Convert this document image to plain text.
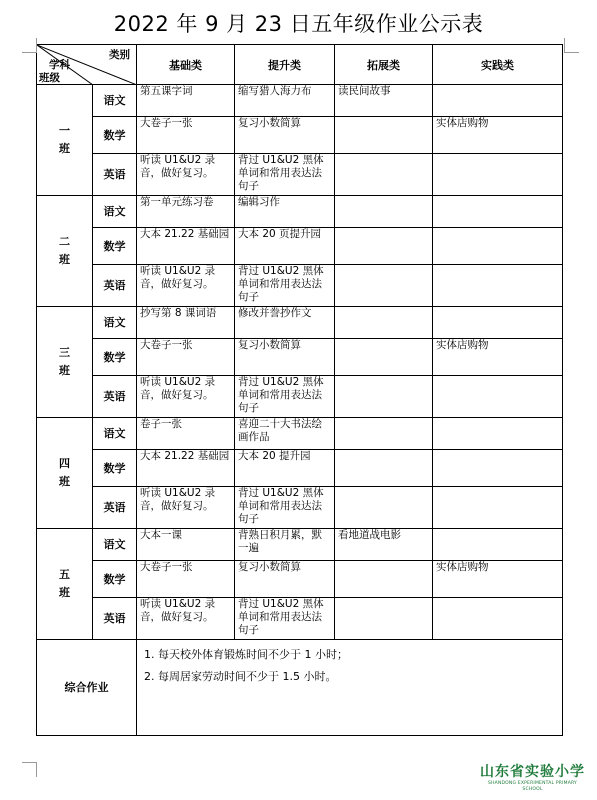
2022 年 9 月 23 日五年级作业公示表
类别
学科
班级		基础类	提升类	拓展类	实践类

一
班	语文	第五课字词	缩写猎人海力布	读民间故事	
	数学	大卷子一张	复习小数简算		实体店购物
	英语	听读 U1&U2 录音，做好复习。	背过 U1&U2 黑体单词和常用表达法句子		

二
班	语文	第一单元练习卷	编辑习作		
	数学	大本 21.22 基础园	大本 20 页提升园		
	英语	听读 U1&U2 录音，做好复习。	背过 U1&U2 黑体单词和常用表达法句子		

三
班	语文	抄写第 8 课词语	修改并誊抄作文		
	数学	大卷子一张	复习小数简算		实体店购物
	英语	听读 U1&U2 录音，做好复习。	背过 U1&U2 黑体单词和常用表达法句子		

四
班	语文	卷子一张	喜迎二十大书法绘画作品		
	数学	大本 21.22 基础园	大本 20 提升园		
	英语	听读 U1&U2 录音，做好复习。	背过 U1&U2 黑体单词和常用表达法句子		

五
班	语文	大本一课	背熟日积月累，默一遍	看地道战电影	
	数学	大卷子一张	复习小数简算		实体店购物
	英语	听读 U1&U2 录音，做好复习。	背过 U1&U2 黑体单词和常用表达法句子		
综合作业		1. 每天校外体育锻炼时间不少于 1 小时；

2. 每周居家劳动时间不少于 1.5 小时。			

山东省实验小学
SHANDONG EXPERIMENTAL PRIMARY SCHOOL
